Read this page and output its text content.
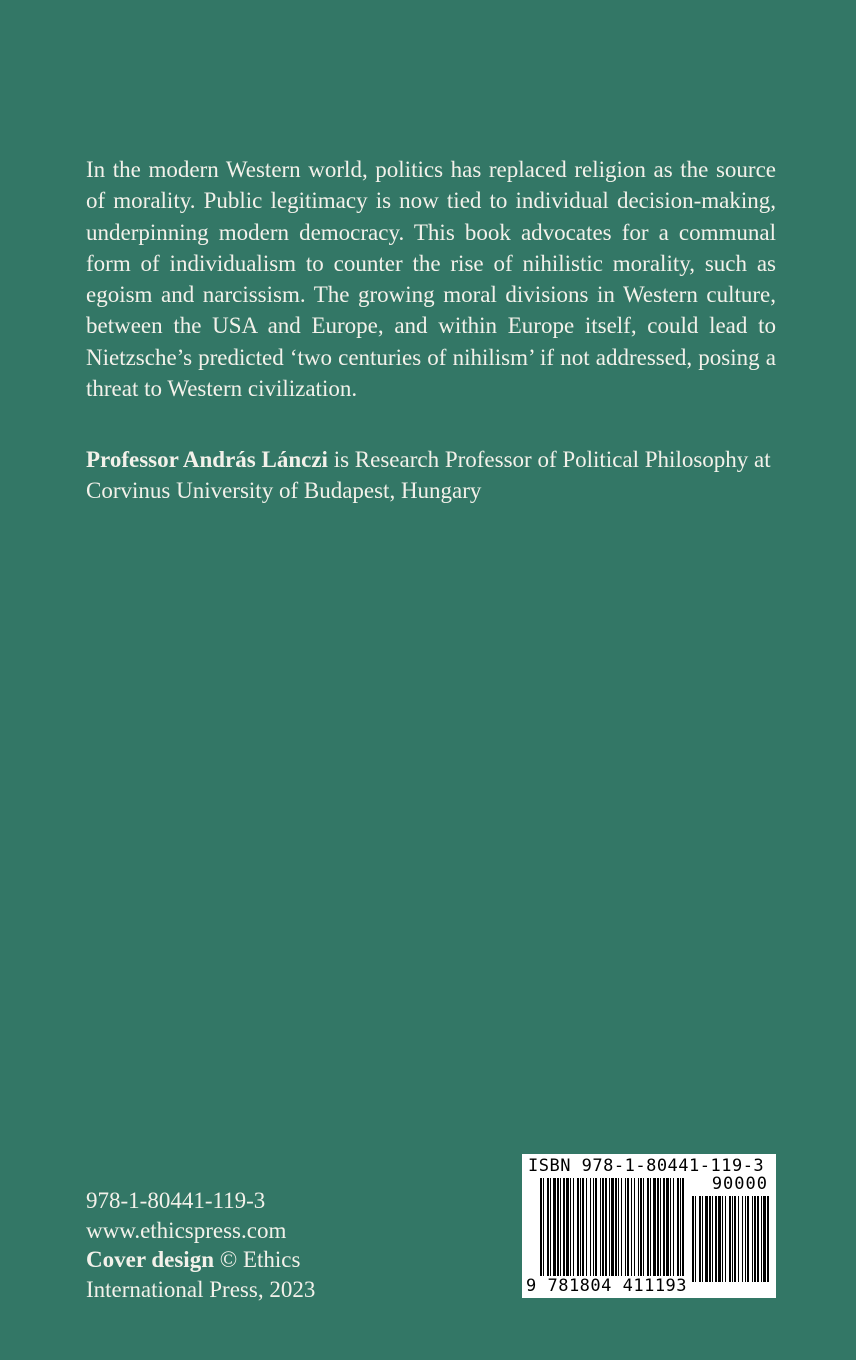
In the modern Western world, politics has replaced religion as the source of morality. Public legitimacy is now tied to individual decision-making, underpinning modern democracy. This book advocates for a communal form of individualism to counter the rise of nihilistic morality, such as egoism and narcissism. The growing moral divisions in Western culture, between the USA and Europe, and within Europe itself, could lead to Nietzsche’s predicted ‘two centuries of nihilism’ if not addressed, posing a threat to Western civilization.

Professor András Lánczi is Research Professor of Political Philosophy at Corvinus University of Budapest, Hungary

978-1-80441-119-3
www.ethicspress.com
Cover design © Ethics
International Press, 2023
ISBN 978-1-80441-119-3
90000
9 781804 411193
